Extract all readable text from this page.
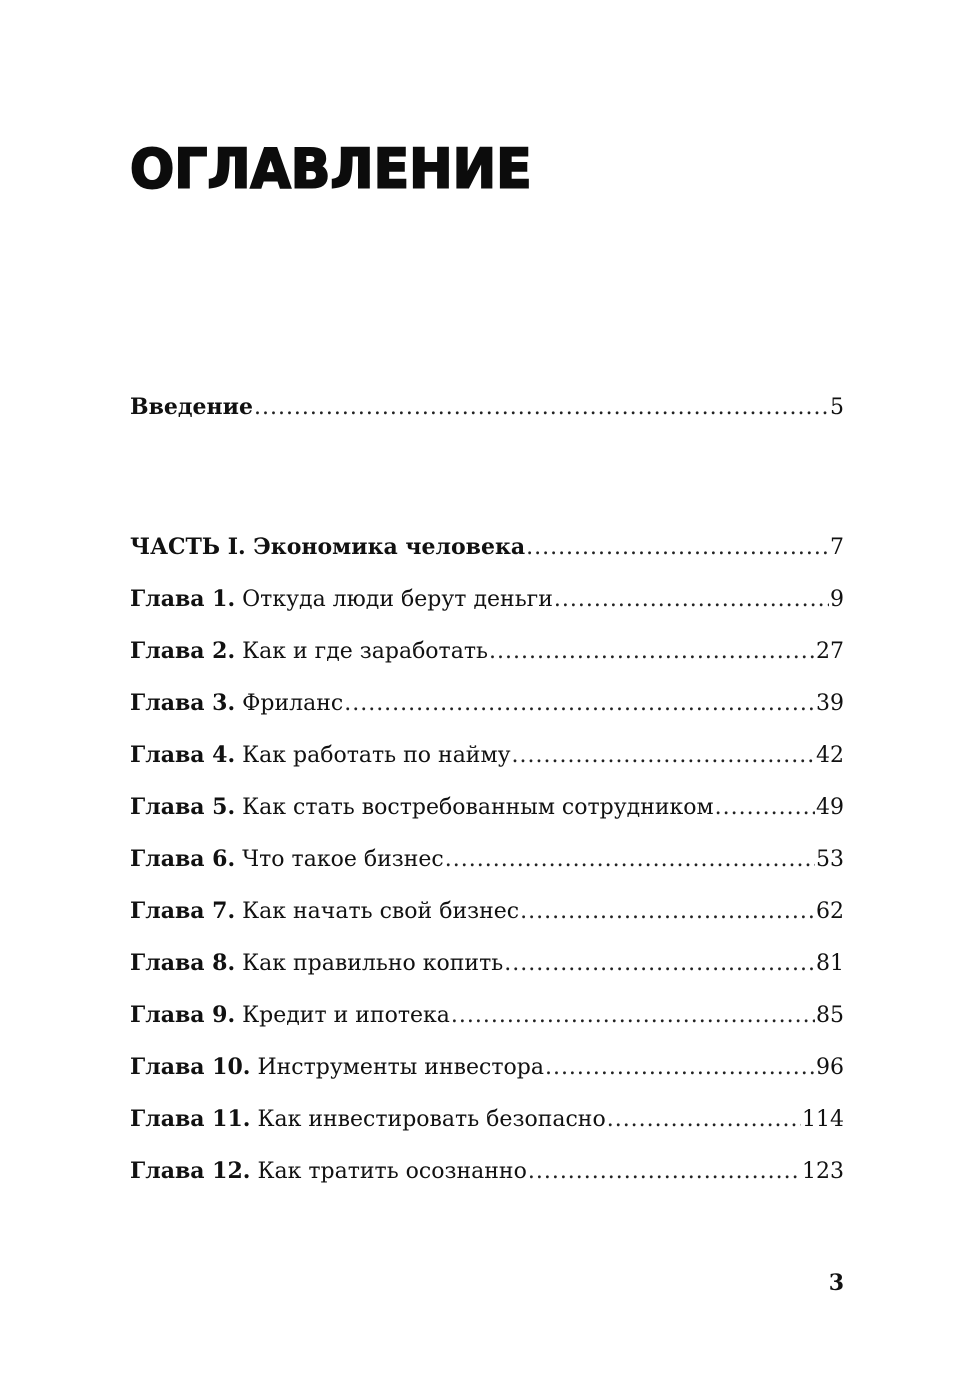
ОГЛАВЛЕНИЕ
Введение .....	5
ЧАСТЬ I. Экономика человека .....	7
Глава 1. Откуда люди берут деньги .....	9
Глава 2. Как и где заработать .....	27
Глава 3. Фриланс .....	39
Глава 4. Как работать по найму .....	42
Глава 5. Как стать востребованным сотрудником .....	49
Глава 6. Что такое бизнес .....	53
Глава 7. Как начать свой бизнес .....	62
Глава 8. Как правильно копить .....	81
Глава 9. Кредит и ипотека .....	85
Глава 10. Инструменты инвестора .....	96
Глава 11. Как инвестировать безопасно .....	114
Глава 12. Как тратить осознанно .....	123
3
